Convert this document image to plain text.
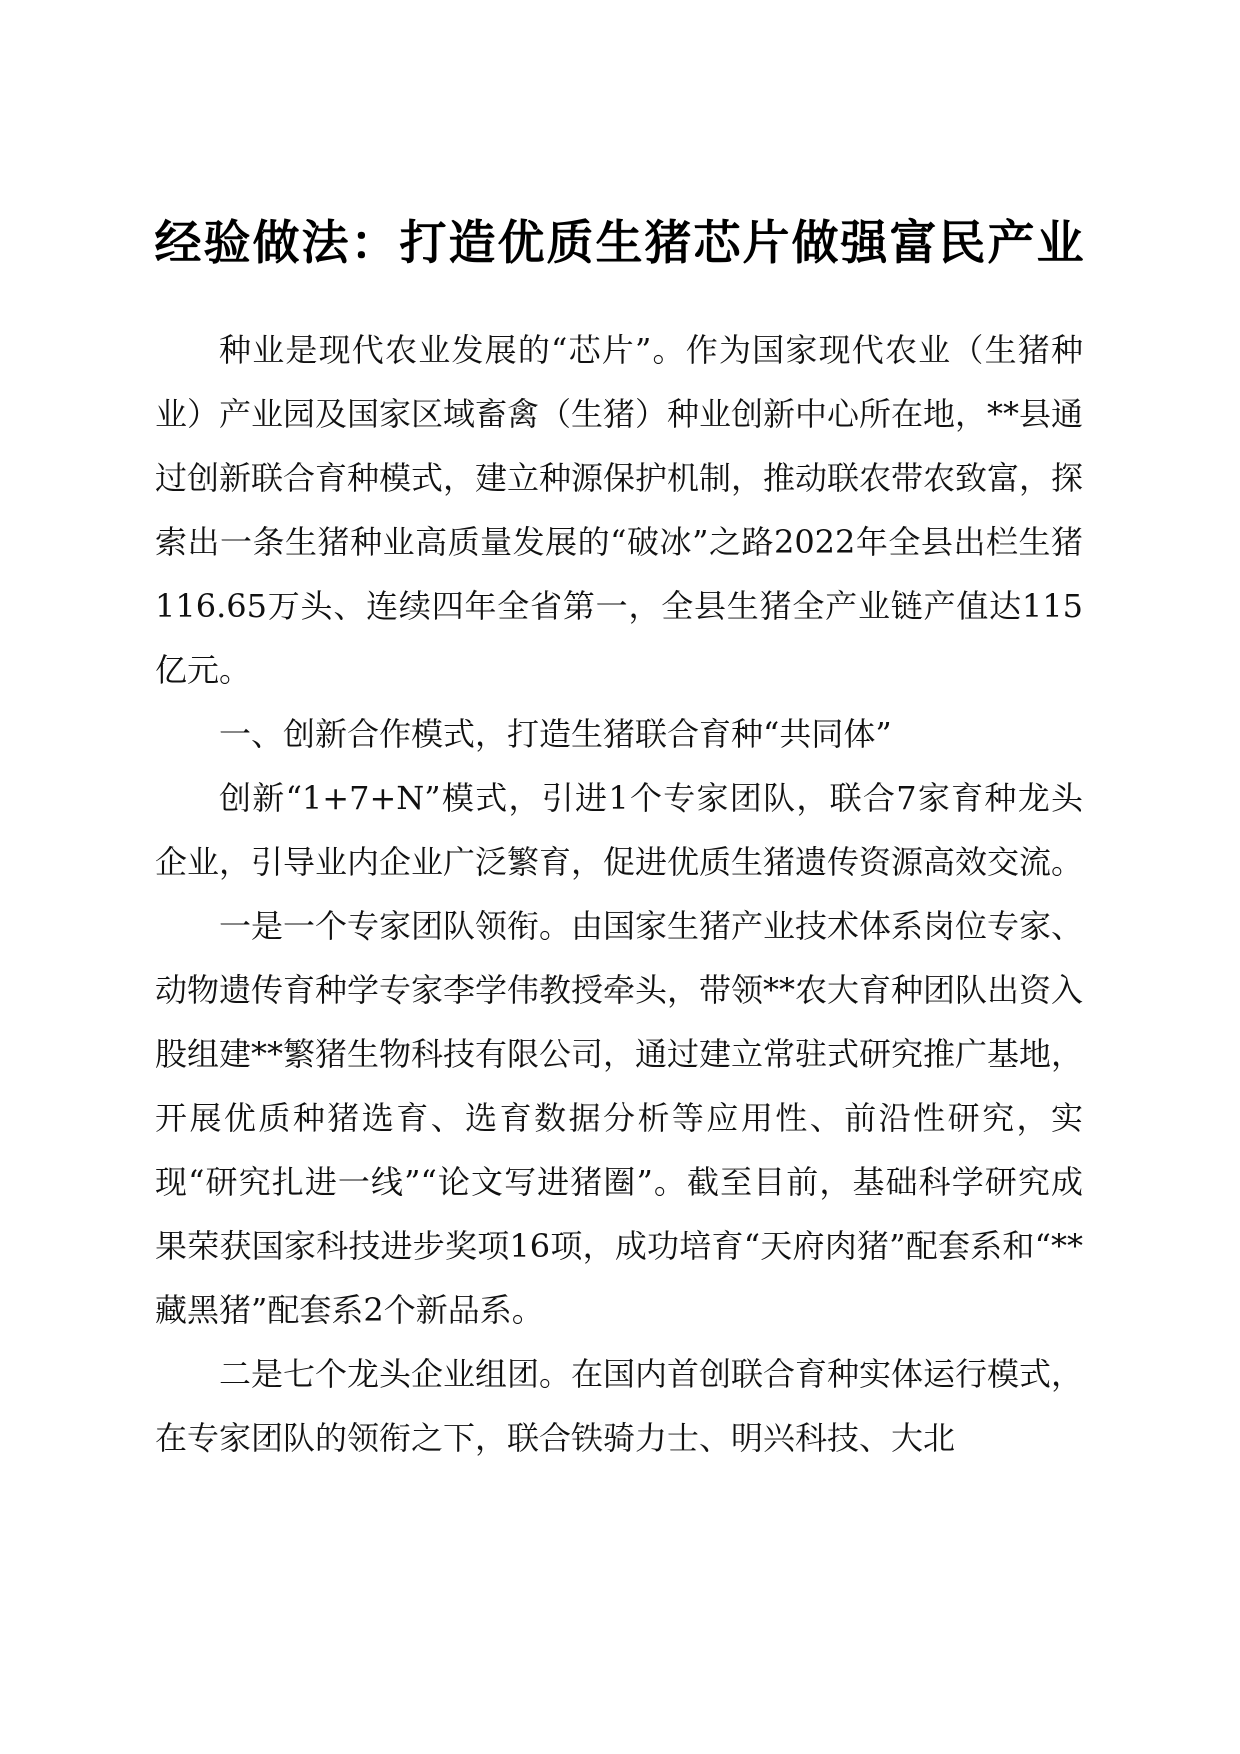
经验做法：打造优质生猪芯片做强富民产业

种业是现代农业发展的“芯片”。作为国家现代农业（生猪种业）产业园及国家区域畜禽（生猪）种业创新中心所在地，**县通过创新联合育种模式，建立种源保护机制，推动联农带农致富，探索出一条生猪种业高质量发展的“破冰”之路2022年全县出栏生猪116.65万头、连续四年全省第一，全县生猪全产业链产值达115亿元。

一、创新合作模式，打造生猪联合育种“共同体”

创新“1+7+N”模式，引进1个专家团队，联合7家育种龙头企业，引导业内企业广泛繁育，促进优质生猪遗传资源高效交流。

一是一个专家团队领衔。由国家生猪产业技术体系岗位专家、动物遗传育种学专家李学伟教授牵头，带领**农大育种团队出资入股组建**繁猪生物科技有限公司，通过建立常驻式研究推广基地，开展优质种猪选育、选育数据分析等应用性、前沿性研究，实现“研究扎进一线”“论文写进猪圈”。截至目前，基础科学研究成果荣获国家科技进步奖项16项，成功培育“天府肉猪”配套系和“**藏黑猪”配套系2个新品系。

二是七个龙头企业组团。在国内首创联合育种实体运行模式，在专家团队的领衔之下，联合铁骑力士、明兴科技、大北
